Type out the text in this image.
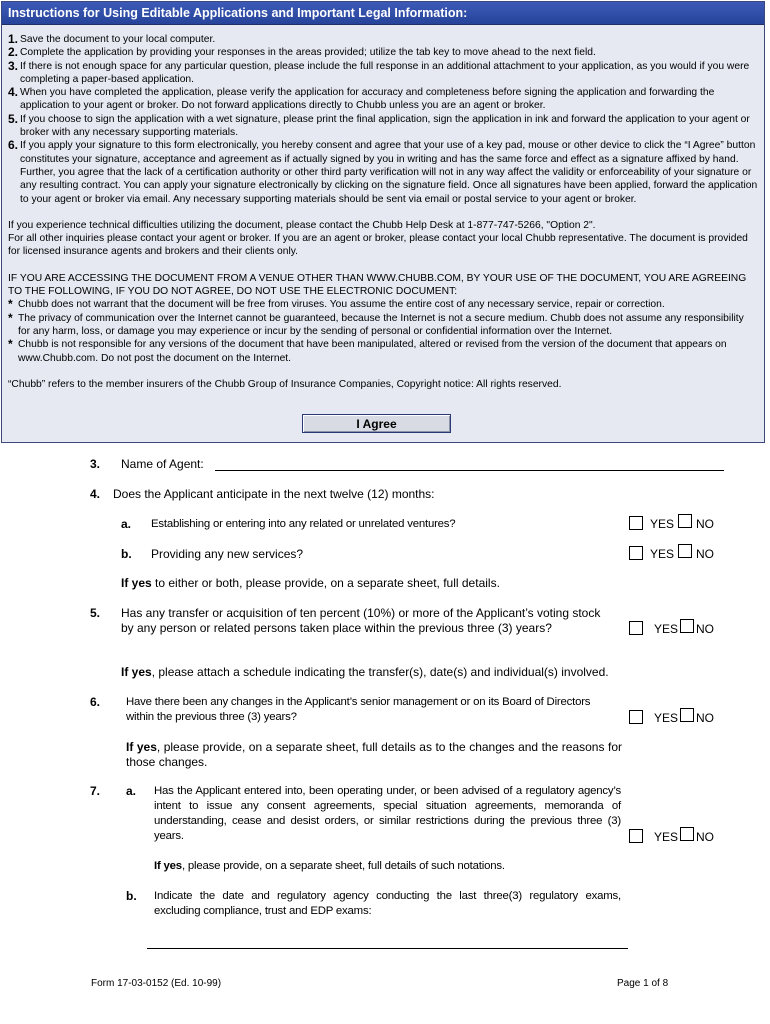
Instructions for Using Editable Applications and Important Legal Information:
1. Save the document to your local computer.
2. Complete the application by providing your responses in the areas provided; utilize the tab key to move ahead to the next field.
3. If there is not enough space for any particular question, please include the full response in an additional attachment to your application, as you would if you were completing a paper-based application.
4. When you have completed the application, please verify the application for accuracy and completeness before signing the application and forwarding the application to your agent or broker. Do not forward applications directly to Chubb unless you are an agent or broker.
5. If you choose to sign the application with a wet signature, please print the final application, sign the application in ink and forward the application to your agent or broker with any necessary supporting materials.
6. If you apply your signature to this form electronically, you hereby consent and agree that your use of a key pad, mouse or other device to click the “I Agree” button constitutes your signature, acceptance and agreement as if actually signed by you in writing and has the same force and effect as a signature affixed by hand. Further, you agree that the lack of a certification authority or other third party verification will not in any way affect the validity or enforceability of your signature or any resulting contract. You can apply your signature electronically by clicking on the signature field. Once all signatures have been applied, forward the application to your agent or broker via email. Any necessary supporting materials should be sent via email or postal service to your agent or broker.
If you experience technical difficulties utilizing the document, please contact the Chubb Help Desk at 1-877-747-5266, "Option 2".
For all other inquiries please contact your agent or broker. If you are an agent or broker, please contact your local Chubb representative. The document is provided for licensed insurance agents and brokers and their clients only.
IF YOU ARE ACCESSING THE DOCUMENT FROM A VENUE OTHER THAN WWW.CHUBB.COM, BY YOUR USE OF THE DOCUMENT, YOU ARE AGREEING TO THE FOLLOWING, IF YOU DO NOT AGREE, DO NOT USE THE ELECTRONIC DOCUMENT:
* Chubb does not warrant that the document will be free from viruses. You assume the entire cost of any necessary service, repair or correction.
* The privacy of communication over the Internet cannot be guaranteed, because the Internet is not a secure medium. Chubb does not assume any responsibility for any harm, loss, or damage you may experience or incur by the sending of personal or confidential information over the Internet.
* Chubb is not responsible for any versions of the document that have been manipulated, altered or revised from the version of the document that appears on www.Chubb.com. Do not post the document on the Internet.
“Chubb” refers to the member insurers of the Chubb Group of Insurance Companies, Copyright notice: All rights reserved.
I Agree
3. Name of Agent:
4. Does the Applicant anticipate in the next twelve (12) months:
a. Establishing or entering into any related or unrelated ventures?	YES NO
b. Providing any new services?	YES NO
If yes to either or both, please provide, on a separate sheet, full details.
5. Has any transfer or acquisition of ten percent (10%) or more of the Applicant’s voting stock by any person or related persons taken place within the previous three (3) years?	YES NO
If yes, please attach a schedule indicating the transfer(s), date(s) and individual(s) involved.
6. Have there been any changes in the Applicant’s senior management or on its Board of Directors within the previous three (3) years?	YES NO
If yes, please provide, on a separate sheet, full details as to the changes and the reasons for those changes.
7. a. Has the Applicant entered into, been operating under, or been advised of a regulatory agency’s intent to issue any consent agreements, special situation agreements, memoranda of understanding, cease and desist orders, or similar restrictions during the previous three (3) years.	YES NO
If yes, please provide, on a separate sheet, full details of such notations.
b. Indicate the date and regulatory agency conducting the last three(3) regulatory exams, excluding compliance, trust and EDP exams:
Form 17-03-0152 (Ed. 10-99)	Page 1 of 8
